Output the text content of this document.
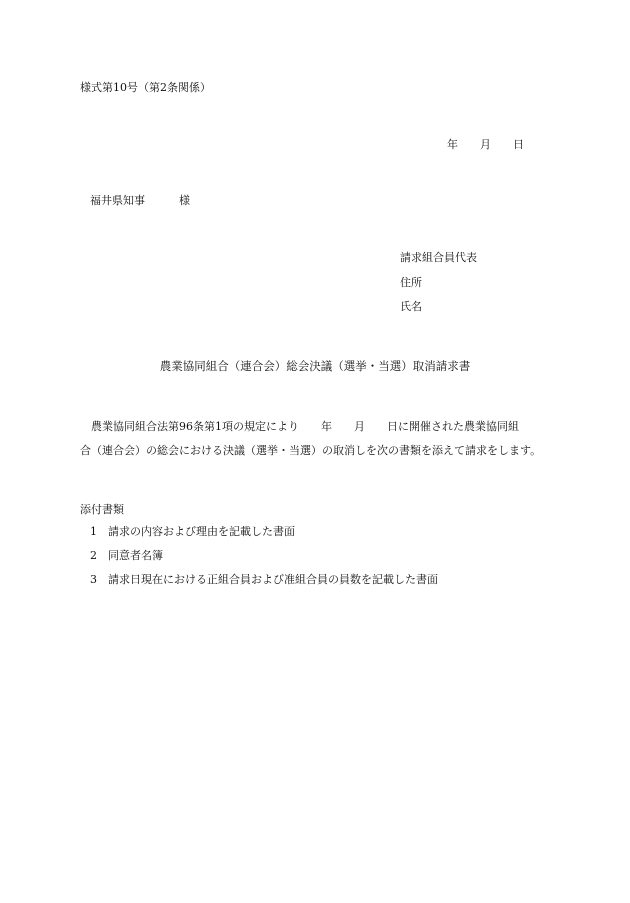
様式第10号（第2条関係）
年 月 日
福井県知事	様
請求組合員代表
住所
氏名
農業協同組合（連合会）総会決議（選挙・当選）取消請求書
　農業協同組合法第96条第1項の規定により 年 月 日に開催された農業協同組
合（連合会）の総会における決議（選挙・当選）の取消しを次の書類を添えて請求をします。
添付書類
1 請求の内容および理由を記載した書面
2 同意者名簿
3 請求日現在における正組合員および准組合員の員数を記載した書面
